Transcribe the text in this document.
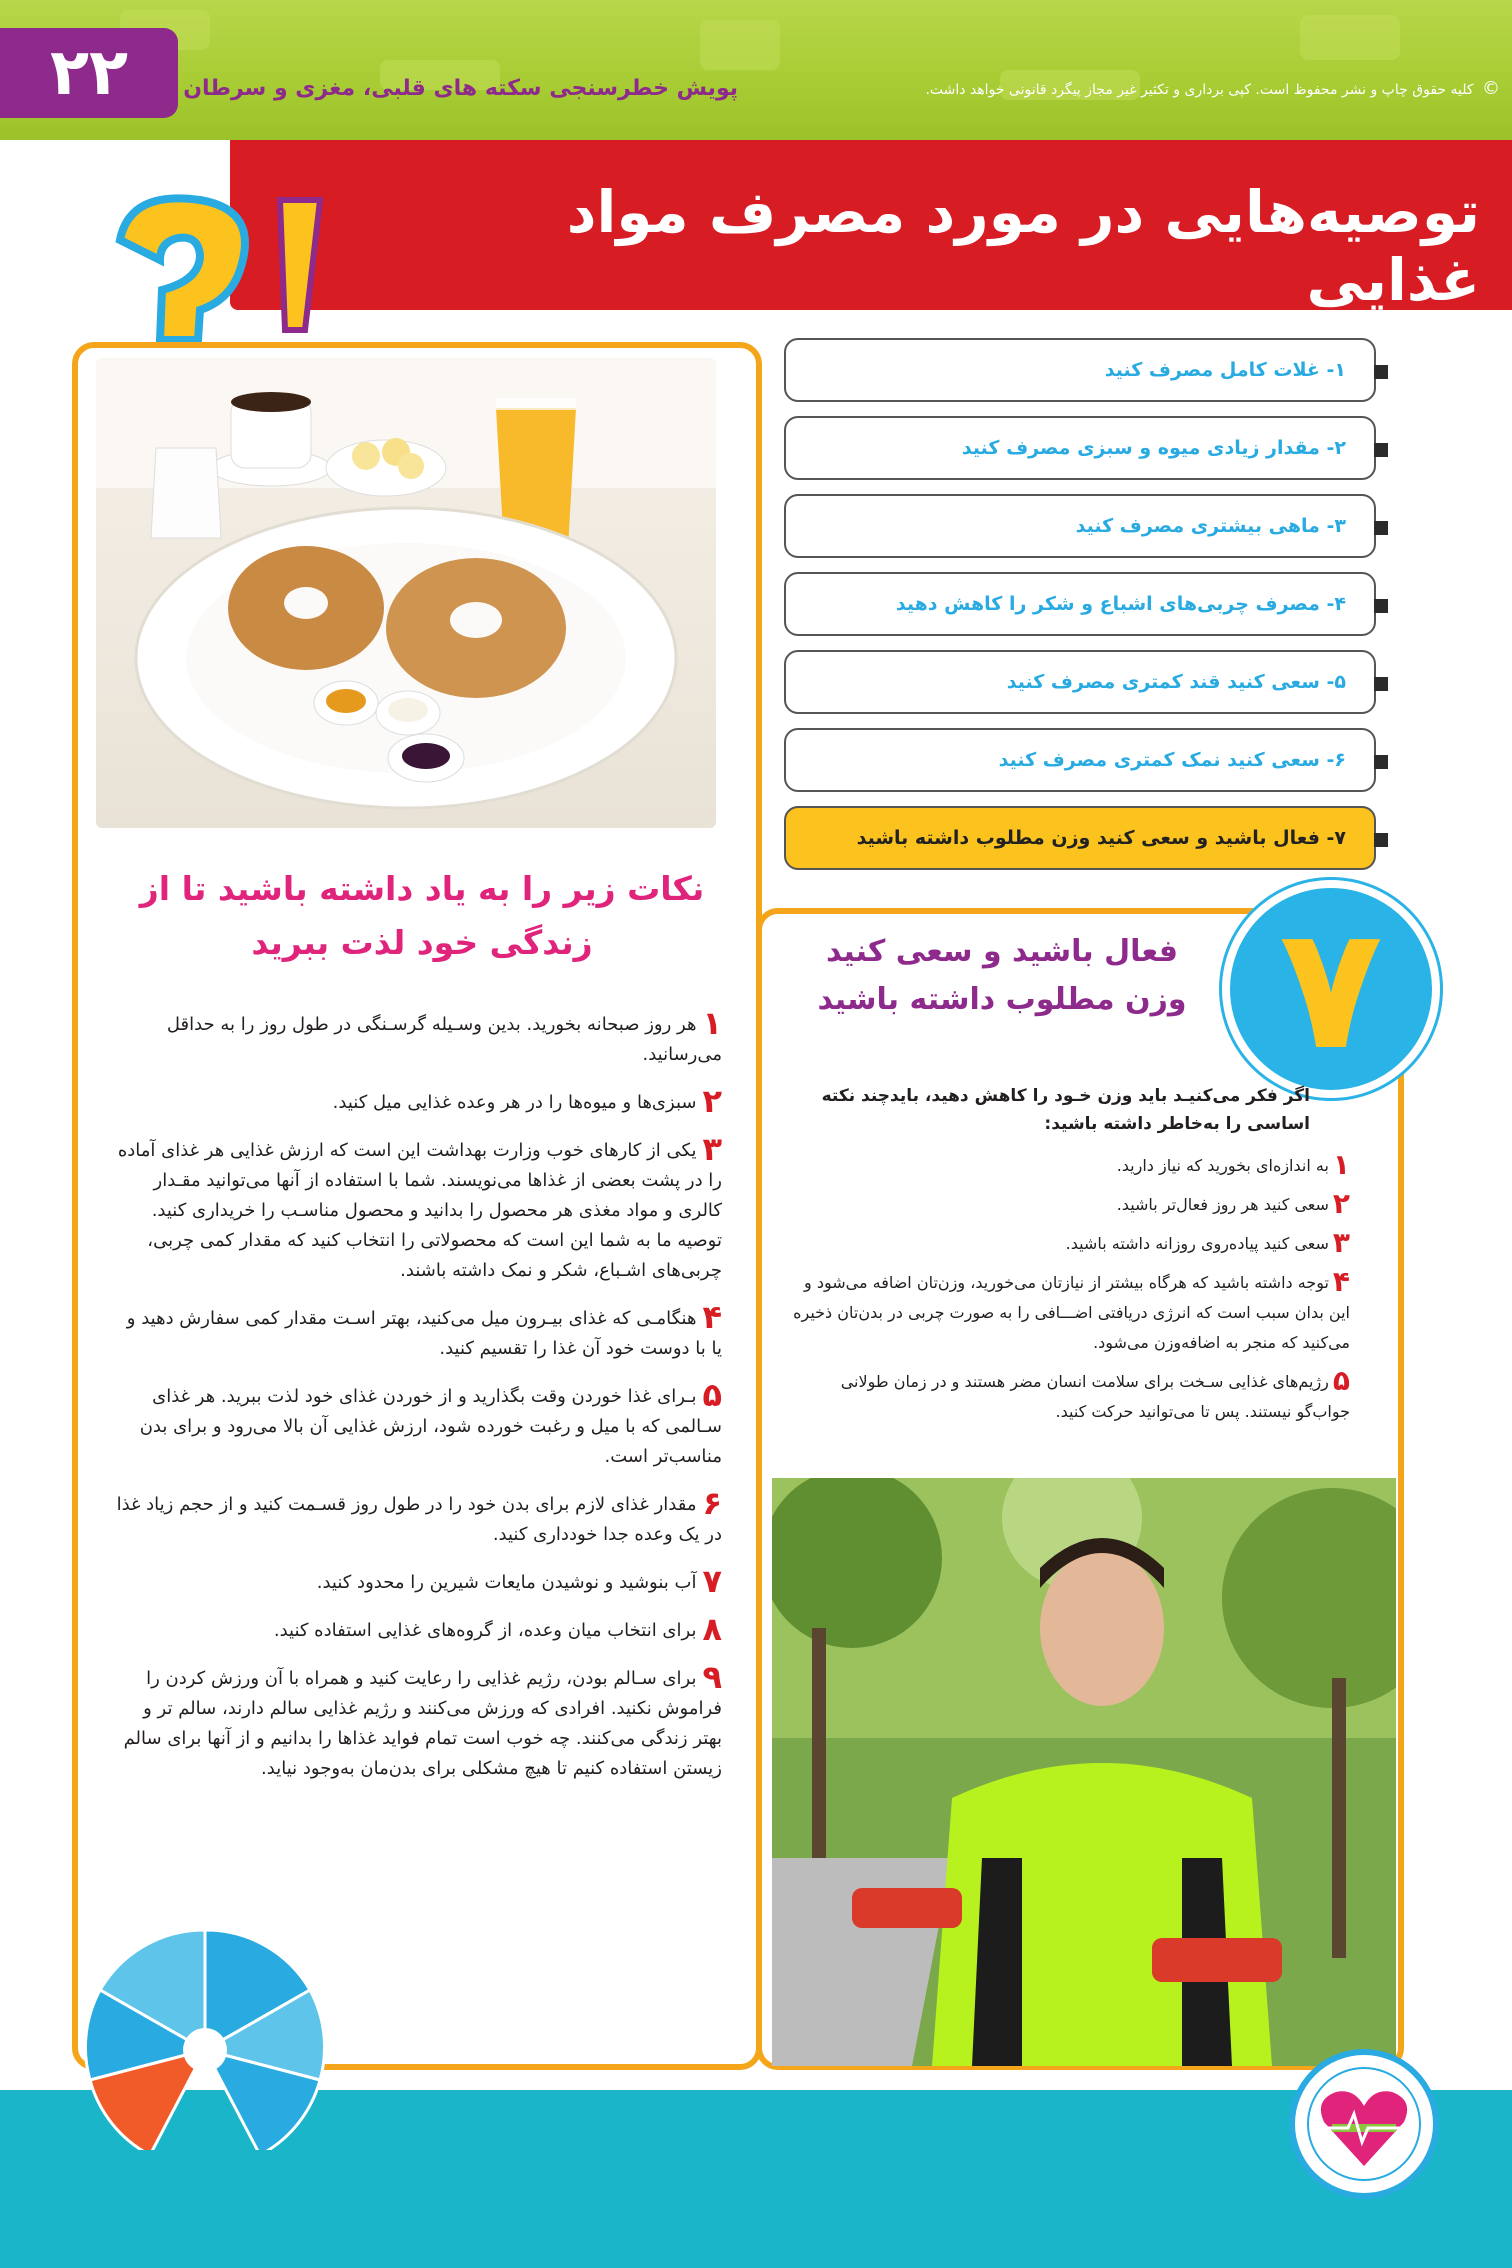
۲۲	پویش خطرسنجی سکته های قلبی، مغزی و سرطان	© کلیه حقوق چاپ و نشر محفوظ است. کپی برداری و تکثیر غیر مجاز پیگرد قانونی خواهد داشت.
توصیه‌هایی در مورد مصرف مواد غذایی
نکات زیر را به یاد داشته باشید تا از زندگی خود لذت ببرید
۱هر روز صبحانه بخورید. بدین وسـیله گرسـنگی در طول روز را به حداقل می‌رسانید.
۲سبزی‌ها و میوه‌ها را در هر وعده غذایی میل کنید.
۳یکی از کارهای خوب وزارت بهداشت این است که ارزش غذایی هر غذای آماده را در پشت بعضی از غذاها می‌نویسند. شما با استفاده از آنها می‌توانید مقـدار کالری و مواد مغذی هر محصول را بدانید و محصول مناسـب را خریداری کنید. توصیه ما به شما این است که محصولاتی را انتخاب کنید که مقدار کمی چربی، چربی‌های اشـباع، شکر و نمک داشته باشند.
۴هنگامـی که غذای بیـرون میل می‌کنید، بهتر اسـت مقدار کمی سفارش دهید و یا با دوست خود آن غذا را تقسیم کنید.
۵بـرای غذا خوردن وقت بگذارید و از خوردن غذای خود لذت ببرید. هر غذای سـالمی که با میل و رغبت خورده شود، ارزش غذایی آن بالا می‌رود و برای بدن مناسب‌تر است.
۶مقدار غذای لازم برای بدن خود را در طول روز قسـمت کنید و از حجم زیاد غذا در یک وعده جدا خودداری کنید.
۷آب بنوشید و نوشیدن مایعات شیرین را محدود کنید.
۸برای انتخاب میان وعده، از گروه‌های غذایی استفاده کنید.
۹برای سـالم بودن، رژیم غذایی را رعایت کنید و همراه با آن ورزش کردن را فراموش نکنید. افرادی که ورزش می‌کنند و رژیم غذایی سالم دارند، سالم تر و بهتر زندگی می‌کنند. چه خوب است تمام فواید غذاها را بدانیم و از آنها برای سالم زیستن استفاده کنیم تا هیچ مشکلی برای بدن‌مان به‌وجود نیاید.
۱- غلات کامل مصرف کنید
۲- مقدار زیادی میوه و سبزی مصرف کنید
۳- ماهی بیشتری مصرف کنید
۴- مصرف چربی‌های اشباع و شکر را کاهش دهید
۵- سعی کنید قند کمتری مصرف کنید
۶- سعی کنید نمک کمتری مصرف کنید
۷- فعال باشید و سعی کنید وزن مطلوب داشته باشید
۷
فعال باشید و سعی کنید وزن مطلوب داشته باشید
اگر فکر می‌کنیـد باید وزن خـود را کاهش دهید، بایدچند نکته اساسی را به‌خاطر داشته باشید:
۱به اندازه‌ای بخورید که نیاز دارید.
۲سعی کنید هر روز فعال‌تر باشید.
۳سعی کنید پیاده‌روی روزانه داشته باشید.
۴توجه داشته باشید که هرگاه بیشتر از نیازتان می‌خورید، وزن‌تان اضافه می‌شود و این بدان سبب است که انرژی دریافتی اضـــافی را به صورت چربی در بدن‌تان ذخیره می‌کنید که منجر به اضافه‌وزن می‌شود.
۵رژیم‌های غذایی سـخت برای سلامت انسان مضر هستند و در زمان طولانی جواب‌گو نیستند. پس تا می‌توانید حرکت کنید.
